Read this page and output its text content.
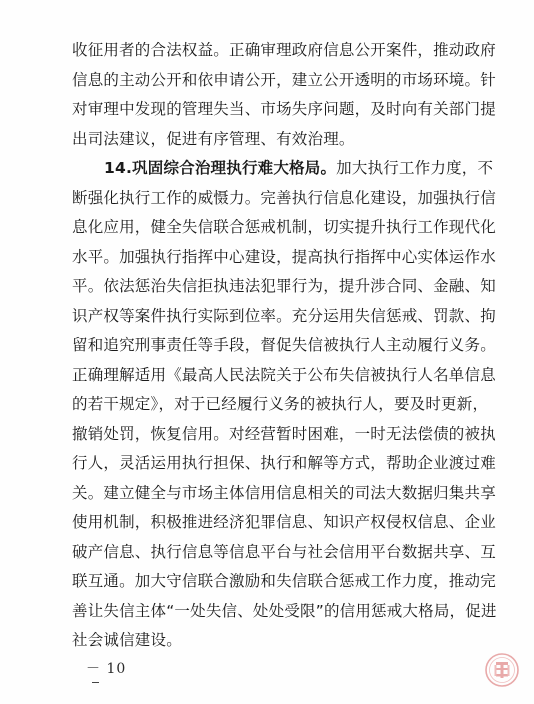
收征用者的合法权益。正确审理政府信息公开案件，推动政府
信息的主动公开和依申请公开，建立公开透明的市场环境。针
对审理中发现的管理失当、市场失序问题，及时向有关部门提
出司法建议，促进有序管理、有效治理。
14.巩固综合治理执行难大格局。加大执行工作力度，不
断强化执行工作的威慑力。完善执行信息化建设，加强执行信
息化应用，健全失信联合惩戒机制，切实提升执行工作现代化
水平。加强执行指挥中心建设，提高执行指挥中心实体运作水
平。依法惩治失信拒执违法犯罪行为，提升涉合同、金融、知
识产权等案件执行实际到位率。充分运用失信惩戒、罚款、拘
留和追究刑事责任等手段，督促失信被执行人主动履行义务。
正确理解适用《最高人民法院关于公布失信被执行人名单信息
的若干规定》，对于已经履行义务的被执行人，要及时更新，
撤销处罚，恢复信用。对经营暂时困难，一时无法偿债的被执
行人，灵活运用执行担保、执行和解等方式，帮助企业渡过难
关。建立健全与市场主体信用信息相关的司法大数据归集共享
使用机制，积极推进经济犯罪信息、知识产权侵权信息、企业
破产信息、执行信息等信息平台与社会信用平台数据共享、互
联互通。加大守信联合激励和失信联合惩戒工作力度，推动完
善让失信主体“一处失信、处处受限”的信用惩戒大格局，促进
社会诚信建设。
－ 10
